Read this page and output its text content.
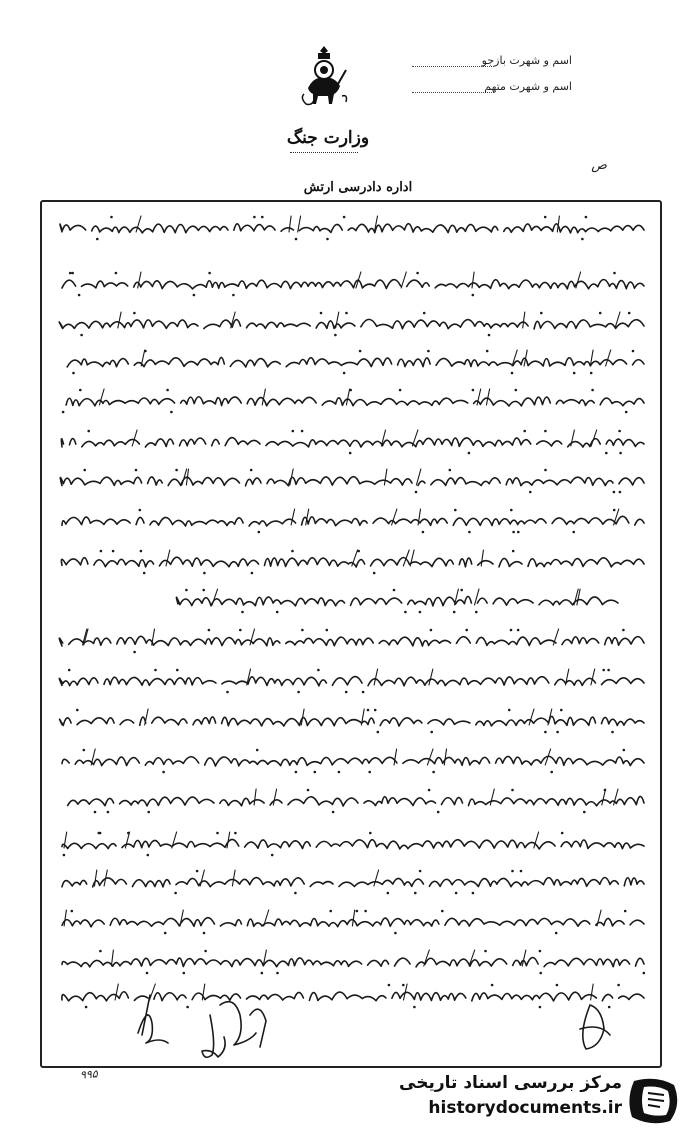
اسم و شهرت بازجو
اسم و شهرت متهم
وزارت جنگ
ص
اداره دادرسی ارتش
۹۹۵	مرکز بررسی اسناد تاریخی
historydocuments.ir
